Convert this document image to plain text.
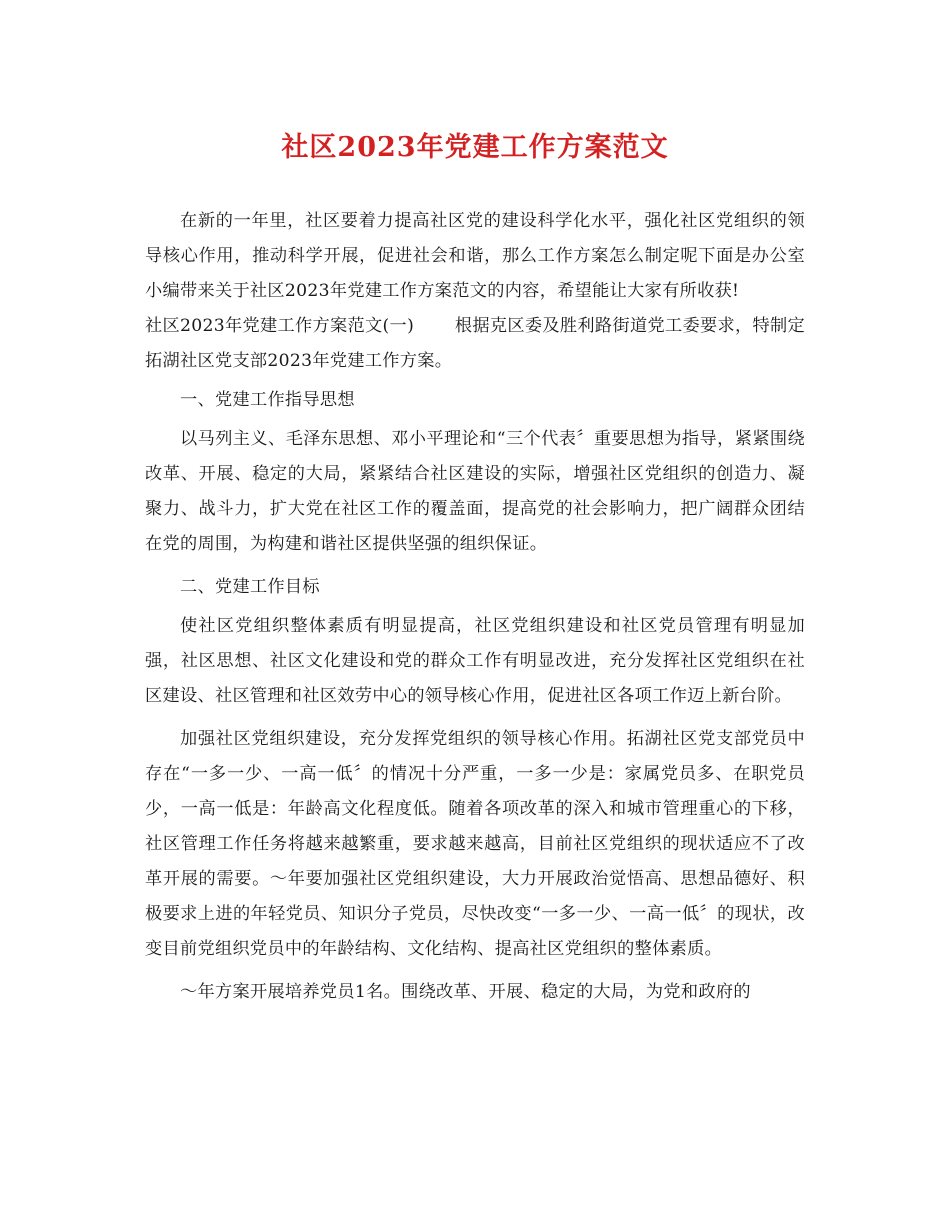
社区2023年党建工作方案范文

在新的一年里，社区要着力提高社区党的建设科学化水平，强化社区党组织的领导核心作用，推动科学开展，促进社会和谐，那么工作方案怎么制定呢下面是办公室小编带来关于社区2023年党建工作方案范文的内容，希望能让大家有所收获!

社区2023年党建工作方案范文(一)　　 根据克区委及胜利路街道党工委要求，特制定拓湖社区党支部2023年党建工作方案。

一、党建工作指导思想

以马列主义、毛泽东思想、邓小平理论和“三个代表〞重要思想为指导，紧紧围绕改革、开展、稳定的大局，紧紧结合社区建设的实际，增强社区党组织的创造力、凝聚力、战斗力，扩大党在社区工作的覆盖面，提高党的社会影响力，把广阔群众团结在党的周围，为构建和谐社区提供坚强的组织保证。

二、党建工作目标

使社区党组织整体素质有明显提高，社区党组织建设和社区党员管理有明显加强，社区思想、社区文化建设和党的群众工作有明显改进，充分发挥社区党组织在社区建设、社区管理和社区效劳中心的领导核心作用，促进社区各项工作迈上新台阶。

加强社区党组织建设，充分发挥党组织的领导核心作用。拓湖社区党支部党员中存在“一多一少、一高一低〞的情况十分严重，一多一少是：家属党员多、在职党员少，一高一低是：年龄高文化程度低。随着各项改革的深入和城市管理重心的下移，社区管理工作任务将越来越繁重，要求越来越高，目前社区党组织的现状适应不了改革开展的需要。～年要加强社区党组织建设，大力开展政治觉悟高、思想品德好、积极要求上进的年轻党员、知识分子党员，尽快改变“一多一少、一高一低〞的现状，改变目前党组织党员中的年龄结构、文化结构、提高社区党组织的整体素质。

～年方案开展培养党员1名。围绕改革、开展、稳定的大局，为党和政府的
